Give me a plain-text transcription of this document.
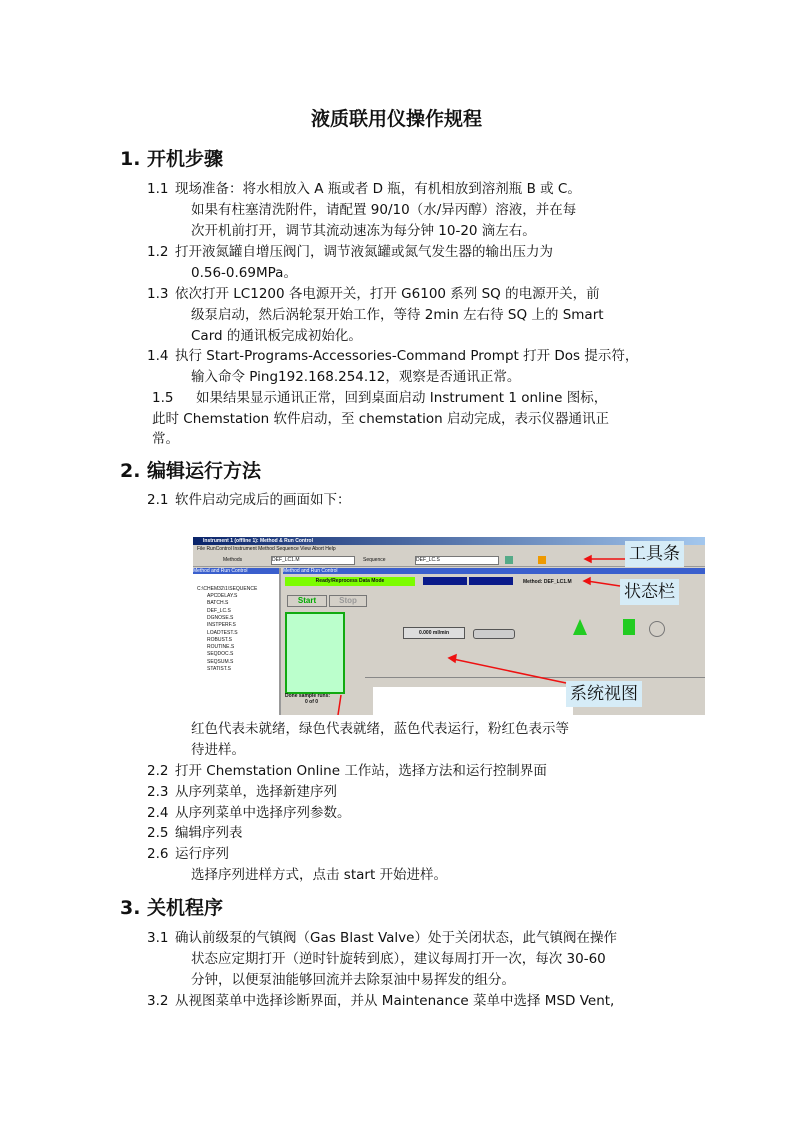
液质联用仪操作规程
1. 开机步骤
1.1 现场准备：将水相放入 A 瓶或者 D 瓶，有机相放到溶剂瓶 B 或 C。
如果有柱塞清洗附件，请配置 90/10（水/异丙醇）溶液，并在每
次开机前打开，调节其流动速冻为每分钟 10-20 滴左右。
1.2 打开液氮罐自增压阀门，调节液氮罐或氮气发生器的输出压力为
0.56-0.69MPa。
1.3 依次打开 LC1200 各电源开关，打开 G6100 系列 SQ 的电源开关，前
级泵启动，然后涡轮泵开始工作，等待 2min 左右待 SQ 上的 Smart
Card 的通讯板完成初始化。
1.4 执行 Start-Programs-Accessories-Command Prompt 打开 Dos 提示符，
输入命令 Ping192.168.254.12，观察是否通讯正常。
1.5 如果结果显示通讯正常，回到桌面启动 Instrument 1 online 图标，
此时 Chemstation 软件启动，至 chemstation 启动完成，表示仪器通讯正
常。
2. 编辑运行方法
2.1 软件启动完成后的画面如下：
Instrument 1 (offline 1): Method & Run Control
File RunControl Instrument Method Sequence View Abort Help
Methods	DEF_LC1.M	Sequence	DEF_LC.S
Method and Run Control
C:\CHEM32\1\SEQUENCE
APCDELAY.S
BATCH.S
DEF_LC.S
DGNOSE.S
INSTPERF.S
LOADTEST.S
ROBUST.S
ROUTINE.S
SEQDOC.S
SEQSUM.S
STATIST.S
Method and Run Control
Ready/Reprocess Data Mode	Method: DEF_LC1.M
Start	Stop
Done sample runs:
0 of 0
0.000 ml/min
工具条
状态栏
系统视图
红色代表未就绪，绿色代表就绪，蓝色代表运行，粉红色表示等
待进样。
2.2 打开 Chemstation Online 工作站，选择方法和运行控制界面
2.3 从序列菜单，选择新建序列
2.4 从序列菜单中选择序列参数。
2.5 编辑序列表
2.6 运行序列
选择序列进样方式，点击 start 开始进样。
3. 关机程序
3.1 确认前级泵的气镇阀（Gas Blast Valve）处于关闭状态，此气镇阀在操作
状态应定期打开（逆时针旋转到底），建议每周打开一次，每次 30-60
分钟，以便泵油能够回流并去除泵油中易挥发的组分。
3.2 从视图菜单中选择诊断界面，并从 Maintenance 菜单中选择 MSD Vent,
